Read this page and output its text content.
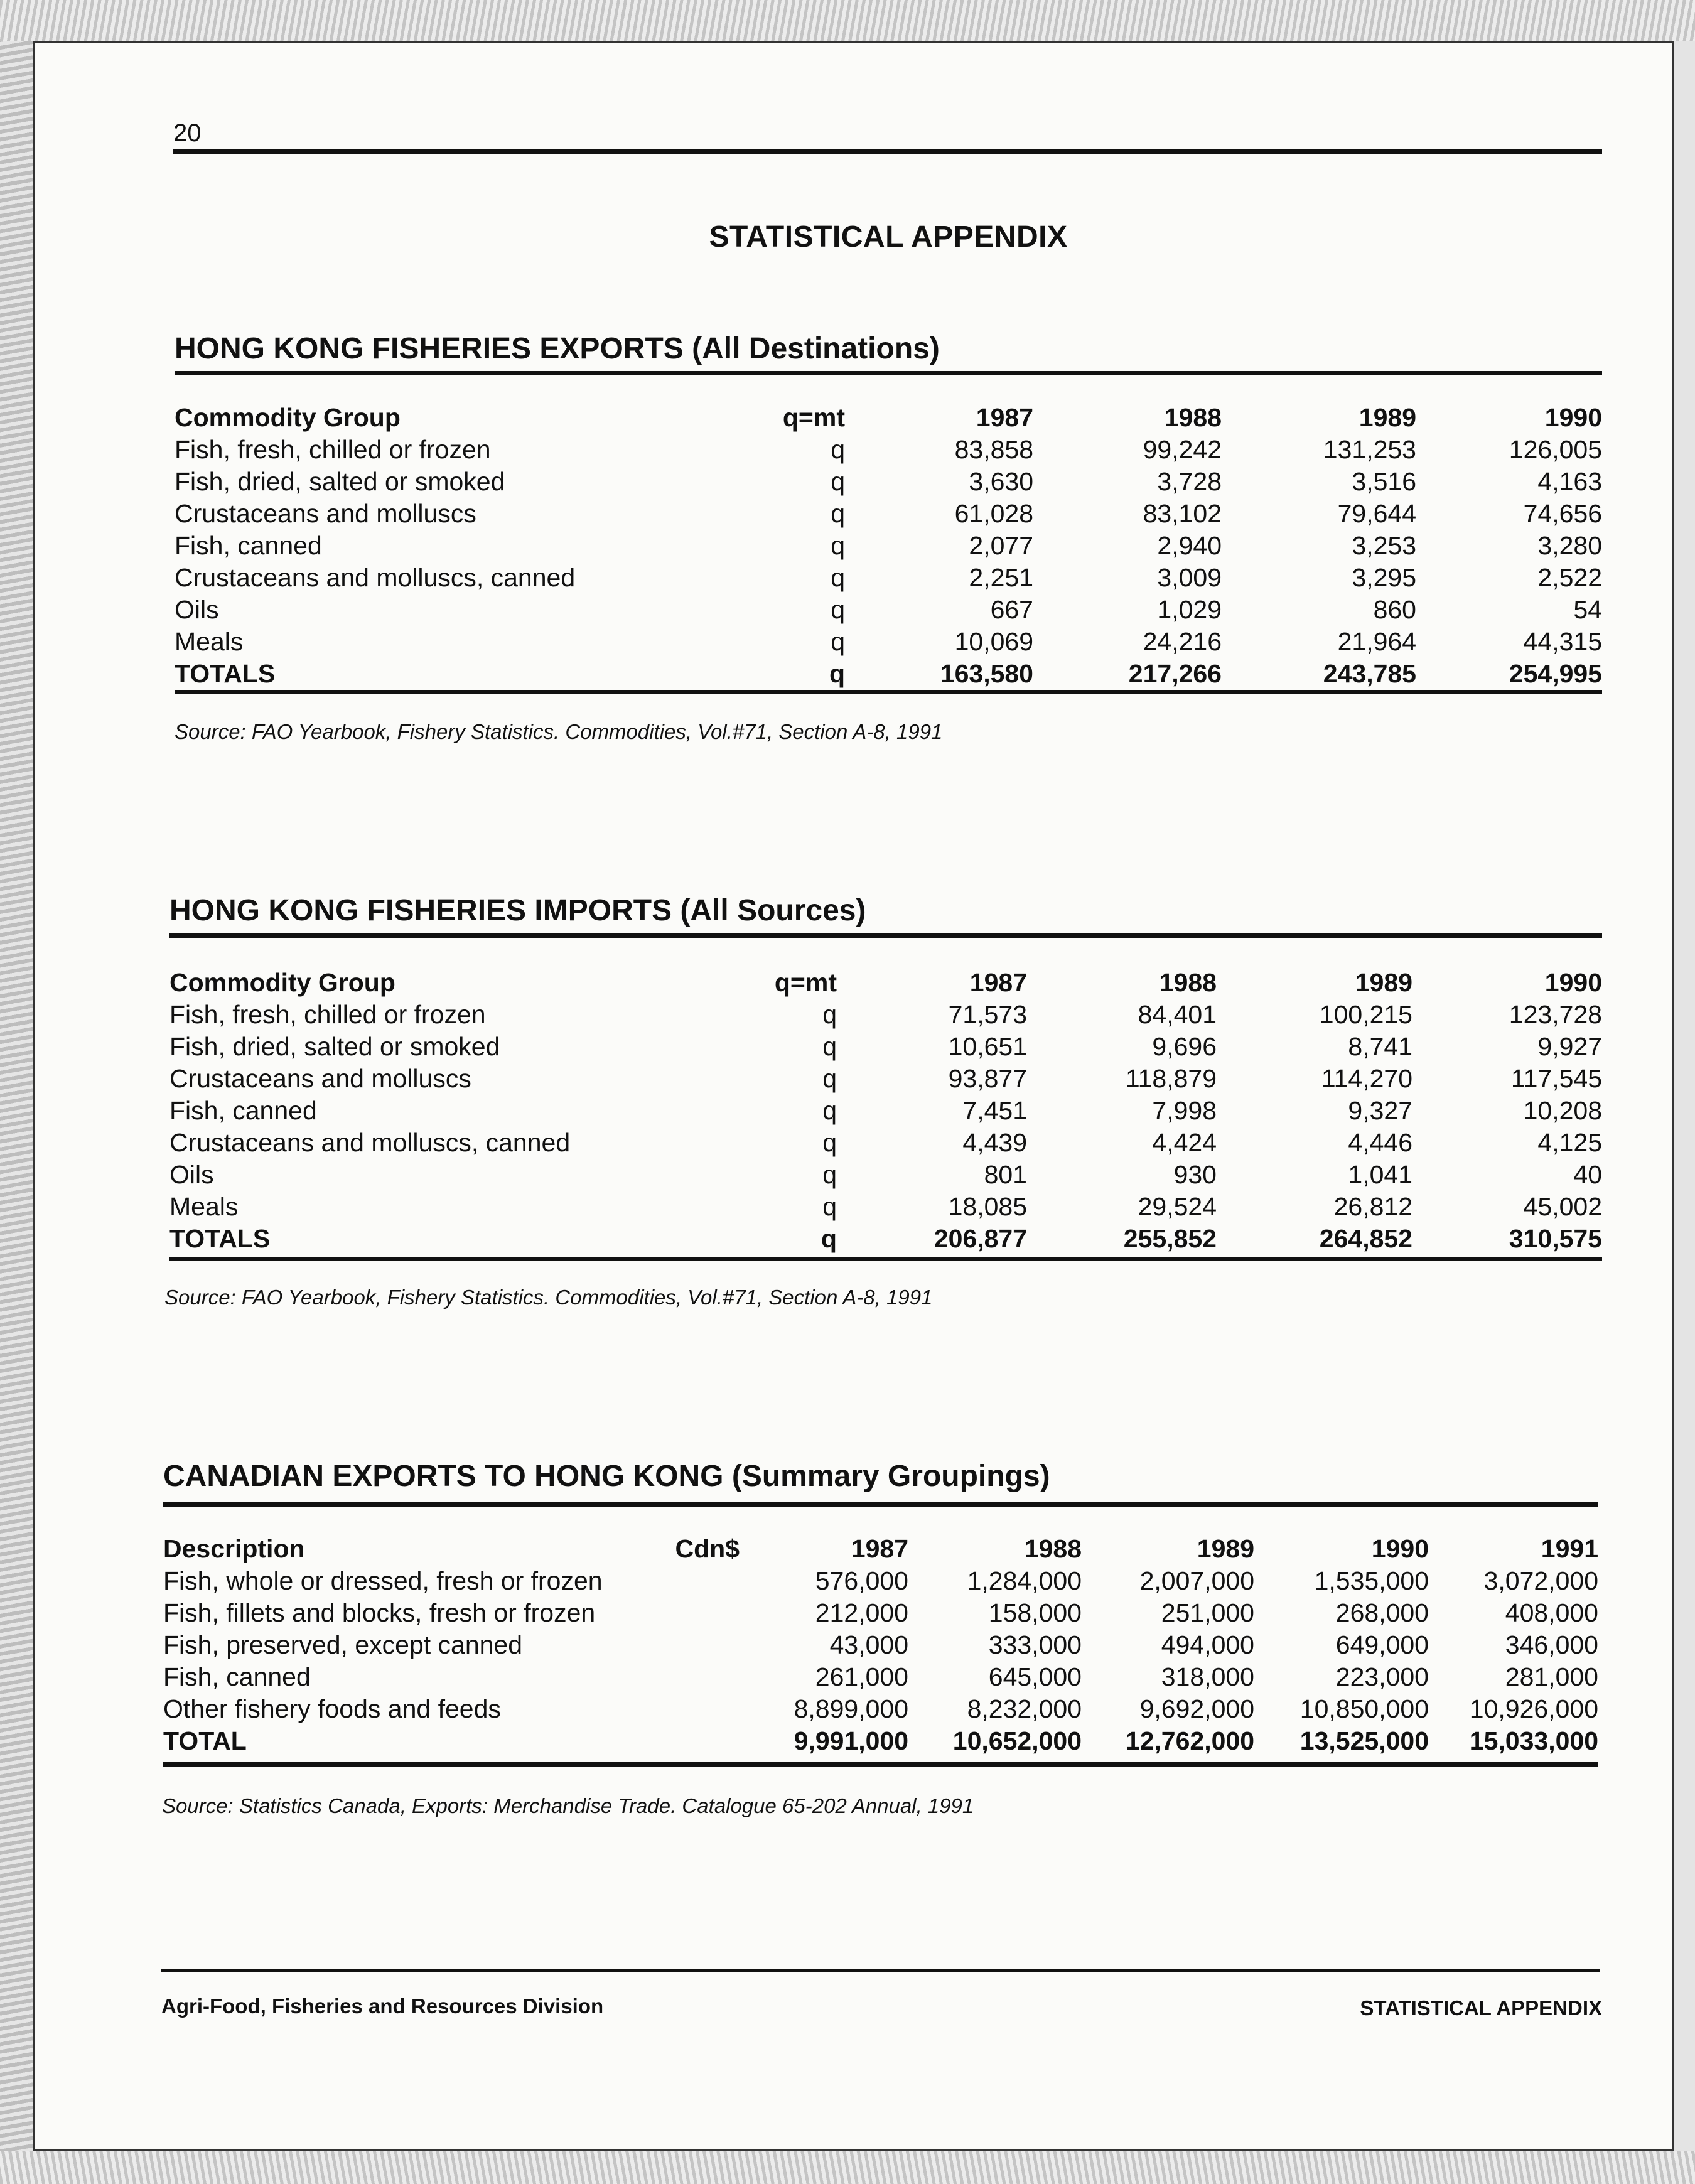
20
STATISTICAL APPENDIX
HONG KONG FISHERIES EXPORTS (All Destinations)
Commodity Group	q=mt	1987	1988	1989	1990
Fish, fresh, chilled or frozen	q	83,858	99,242	131,253	126,005
Fish, dried, salted or smoked	q	3,630	3,728	3,516	4,163
Crustaceans and molluscs	q	61,028	83,102	79,644	74,656
Fish, canned	q	2,077	2,940	3,253	3,280
Crustaceans and molluscs, canned	q	2,251	3,009	3,295	2,522
Oils	q	667	1,029	860	54
Meals	q	10,069	24,216	21,964	44,315
TOTALS	q	163,580	217,266	243,785	254,995
Source: FAO Yearbook, Fishery Statistics. Commodities, Vol.#71, Section A-8, 1991
HONG KONG FISHERIES IMPORTS (All Sources)
Commodity Group	q=mt	1987	1988	1989	1990
Fish, fresh, chilled or frozen	q	71,573	84,401	100,215	123,728
Fish, dried, salted or smoked	q	10,651	9,696	8,741	9,927
Crustaceans and molluscs	q	93,877	118,879	114,270	117,545
Fish, canned	q	7,451	7,998	9,327	10,208
Crustaceans and molluscs, canned	q	4,439	4,424	4,446	4,125
Oils	q	801	930	1,041	40
Meals	q	18,085	29,524	26,812	45,002
TOTALS	q	206,877	255,852	264,852	310,575
Source: FAO Yearbook, Fishery Statistics. Commodities, Vol.#71, Section A-8, 1991
CANADIAN EXPORTS TO HONG KONG (Summary Groupings)
Description	Cdn$	1987	1988	1989	1990	1991
Fish, whole or dressed, fresh or frozen	576,000 1,284,000 2,007,000 1,535,000 3,072,000
Fish, fillets and blocks, fresh or frozen	212,000	158,000	251,000	268,000	408,000
Fish, preserved, except canned	43,000	333,000	494,000	649,000	346,000
Fish, canned	261,000	645,000	318,000	223,000	281,000
Other fishery foods and feeds	8,899,000 8,232,000 9,692,000 10,850,000 10,926,000
TOTAL	9,991,000 10,652,000 12,762,000 13,525,000 15,033,000
Source: Statistics Canada, Exports: Merchandise Trade. Catalogue 65-202 Annual, 1991
Agri-Food, Fisheries and Resources Division	STATISTICAL APPENDIX
